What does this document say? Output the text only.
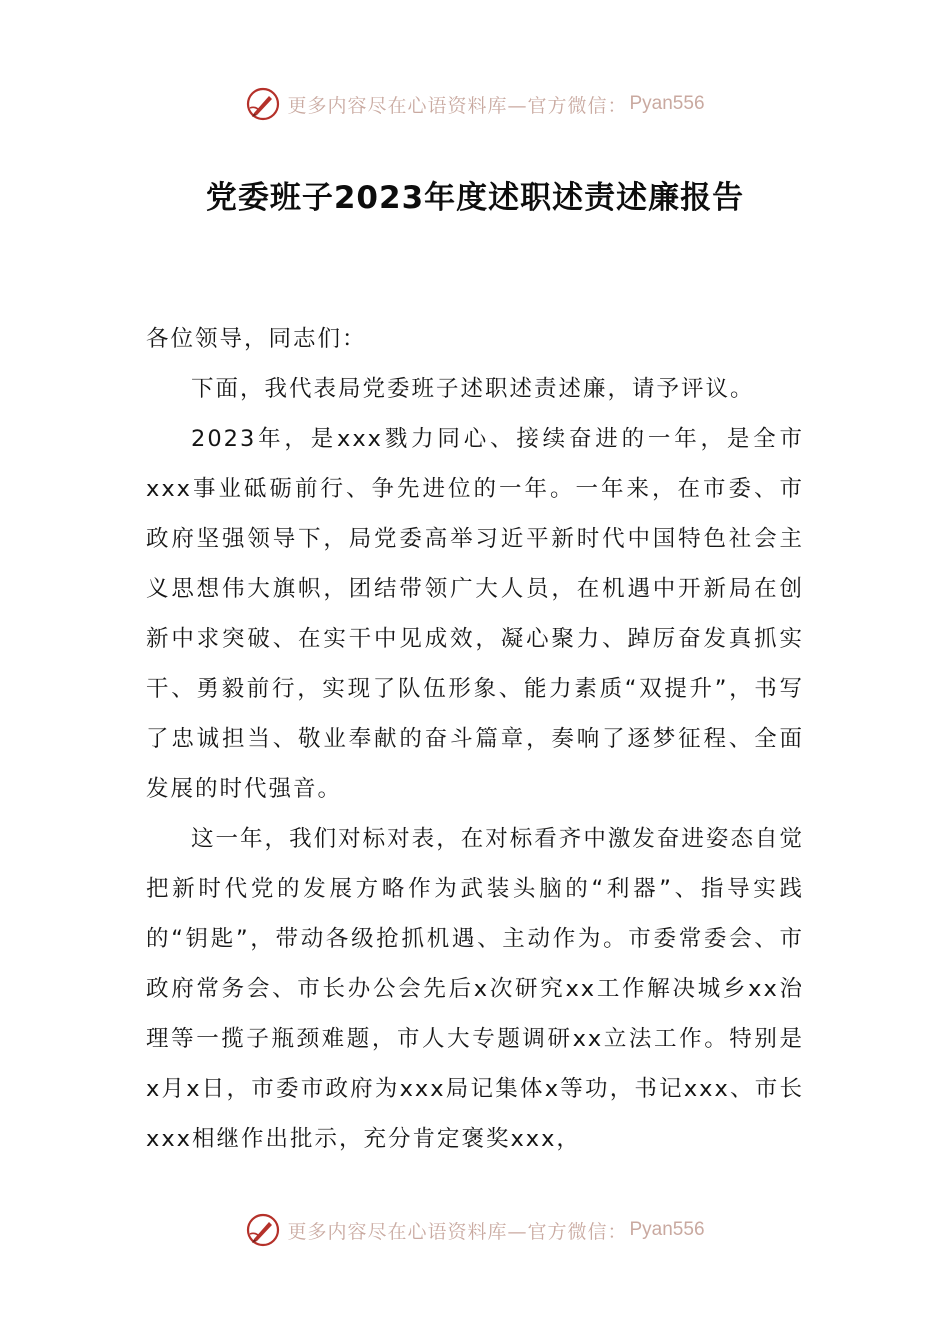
更多内容尽在心语资料库—官方微信： Pyan556
党委班子2023年度述职述责述廉报告

各位领导，同志们：

下面，我代表局党委班子述职述责述廉，请予评议。

2023年，是xxx戮力同心、接续奋进的一年，是全市xxx事业砥砺前行、争先进位的一年。一年来，在市委、市政府坚强领导下，局党委高举习近平新时代中国特色社会主义思想伟大旗帜，团结带领广大人员，在机遇中开新局在创新中求突破、在实干中见成效，凝心聚力、踔厉奋发真抓实干、勇毅前行，实现了队伍形象、能力素质“双提升”，书写了忠诚担当、敬业奉献的奋斗篇章，奏响了逐梦征程、全面发展的时代强音。

这一年，我们对标对表，在对标看齐中激发奋进姿态自觉把新时代党的发展方略作为武装头脑的“利器”、指导实践的“钥匙”，带动各级抢抓机遇、主动作为。市委常委会、市政府常务会、市长办公会先后x次研究xx工作解决城乡xx治理等一揽子瓶颈难题，市人大专题调研xx立法工作。特别是x月x日，市委市政府为xxx局记集体x等功，书记xxx、市长xxx相继作出批示，充分肯定褒奖xxx，

更多内容尽在心语资料库—官方微信： Pyan556
